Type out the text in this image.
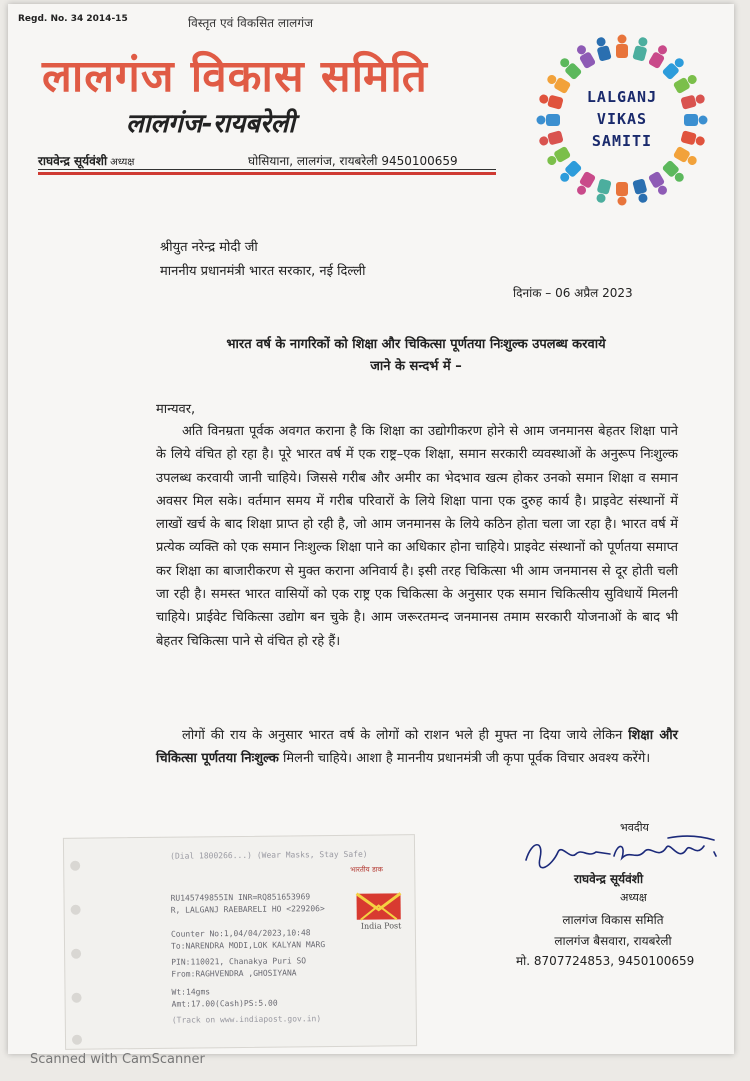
Regd. No. 34 2014-15	विस्तृत एवं विकसित लालगंज
लालगंज विकास समिति
लालगंज-रायबरेली
राघवेन्द्र सूर्यवंशी अध्यक्ष	घोसियाना, लालगंज, रायबरेली 9450100659
LALGANJ
VIKAS
SAMITI
श्रीयुत नरेन्द्र मोदी जी
माननीय प्रधानमंत्री भारत सरकार, नई दिल्ली
दिनांक – 06 अप्रैल 2023
भारत वर्ष के नागरिकों को शिक्षा और चिकित्सा पूर्णतया निःशुल्क उपलब्ध करवाये
जाने के सन्दर्भ में –
मान्यवर,
अति विनम्रता पूर्वक अवगत कराना है कि शिक्षा का उद्योगीकरण होने से आम जनमानस बेहतर शिक्षा पाने के लिये वंचित हो रहा है। पूरे भारत वर्ष में एक राष्ट्र–एक शिक्षा, समान सरकारी व्यवस्थाओं के अनुरूप निःशुल्क उपलब्ध करवायी जानी चाहिये। जिससे गरीब और अमीर का भेदभाव खत्म होकर उनको समान शिक्षा व समान अवसर मिल सके। वर्तमान समय में गरीब परिवारों के लिये शिक्षा पाना एक दुरुह कार्य है। प्राइवेट संस्थानों में लाखों खर्च के बाद शिक्षा प्राप्त हो रही है, जो आम जनमानस के लिये कठिन होता चला जा रहा है। भारत वर्ष में प्रत्येक व्यक्ति को एक समान निःशुल्क शिक्षा पाने का अधिकार होना चाहिये। प्राइवेट संस्थानों को पूर्णतया समाप्त कर शिक्षा का बाजारीकरण से मुक्त कराना अनिवार्य है। इसी तरह चिकित्सा भी आम जनमानस से दूर होती चली जा रही है। समस्त भारत वासियों को एक राष्ट्र एक चिकित्सा के अनुसार एक समान चिकित्सीय सुविधायें मिलनी चाहिये। प्राईवेट चिकित्सा उद्योग बन चुके है। आम जरूरतमन्द जनमानस तमाम सरकारी योजनाओं के बाद भी बेहतर चिकित्सा पाने से वंचित हो रहे हैं।
लोगों की राय के अनुसार भारत वर्ष के लोगों को राशन भले ही मुफ्त ना दिया जाये लेकिन शिक्षा और चिकित्सा पूर्णतया निःशुल्क मिलनी चाहिये। आशा है माननीय प्रधानमंत्री जी कृपा पूर्वक विचार अवश्य करेंगे।
भवदीय
राघवेन्द्र सूर्यवंशी
अध्यक्ष
लालगंज विकास समिति
लालगंज बैसवारा, रायबरेली
मो. 8707724853, 9450100659
(Dial 1800266...) (Wear Masks, Stay Safe)
RU145749855IN INR=RQ851653969
R, LALGANJ RAEBARELI HO <229206>
Counter No:1,04/04/2023,10:48
To:NARENDRA MODI,LOK KALYAN MARG
PIN:110021, Chanakya Puri SO
From:RAGHVENDRA ,GHOSIYANA
Wt:14gms
Amt:17.00(Cash)PS:5.00
(Track on www.indiapost.gov.in)
भारतीय डाक
India Post
Scanned with CamScanner
